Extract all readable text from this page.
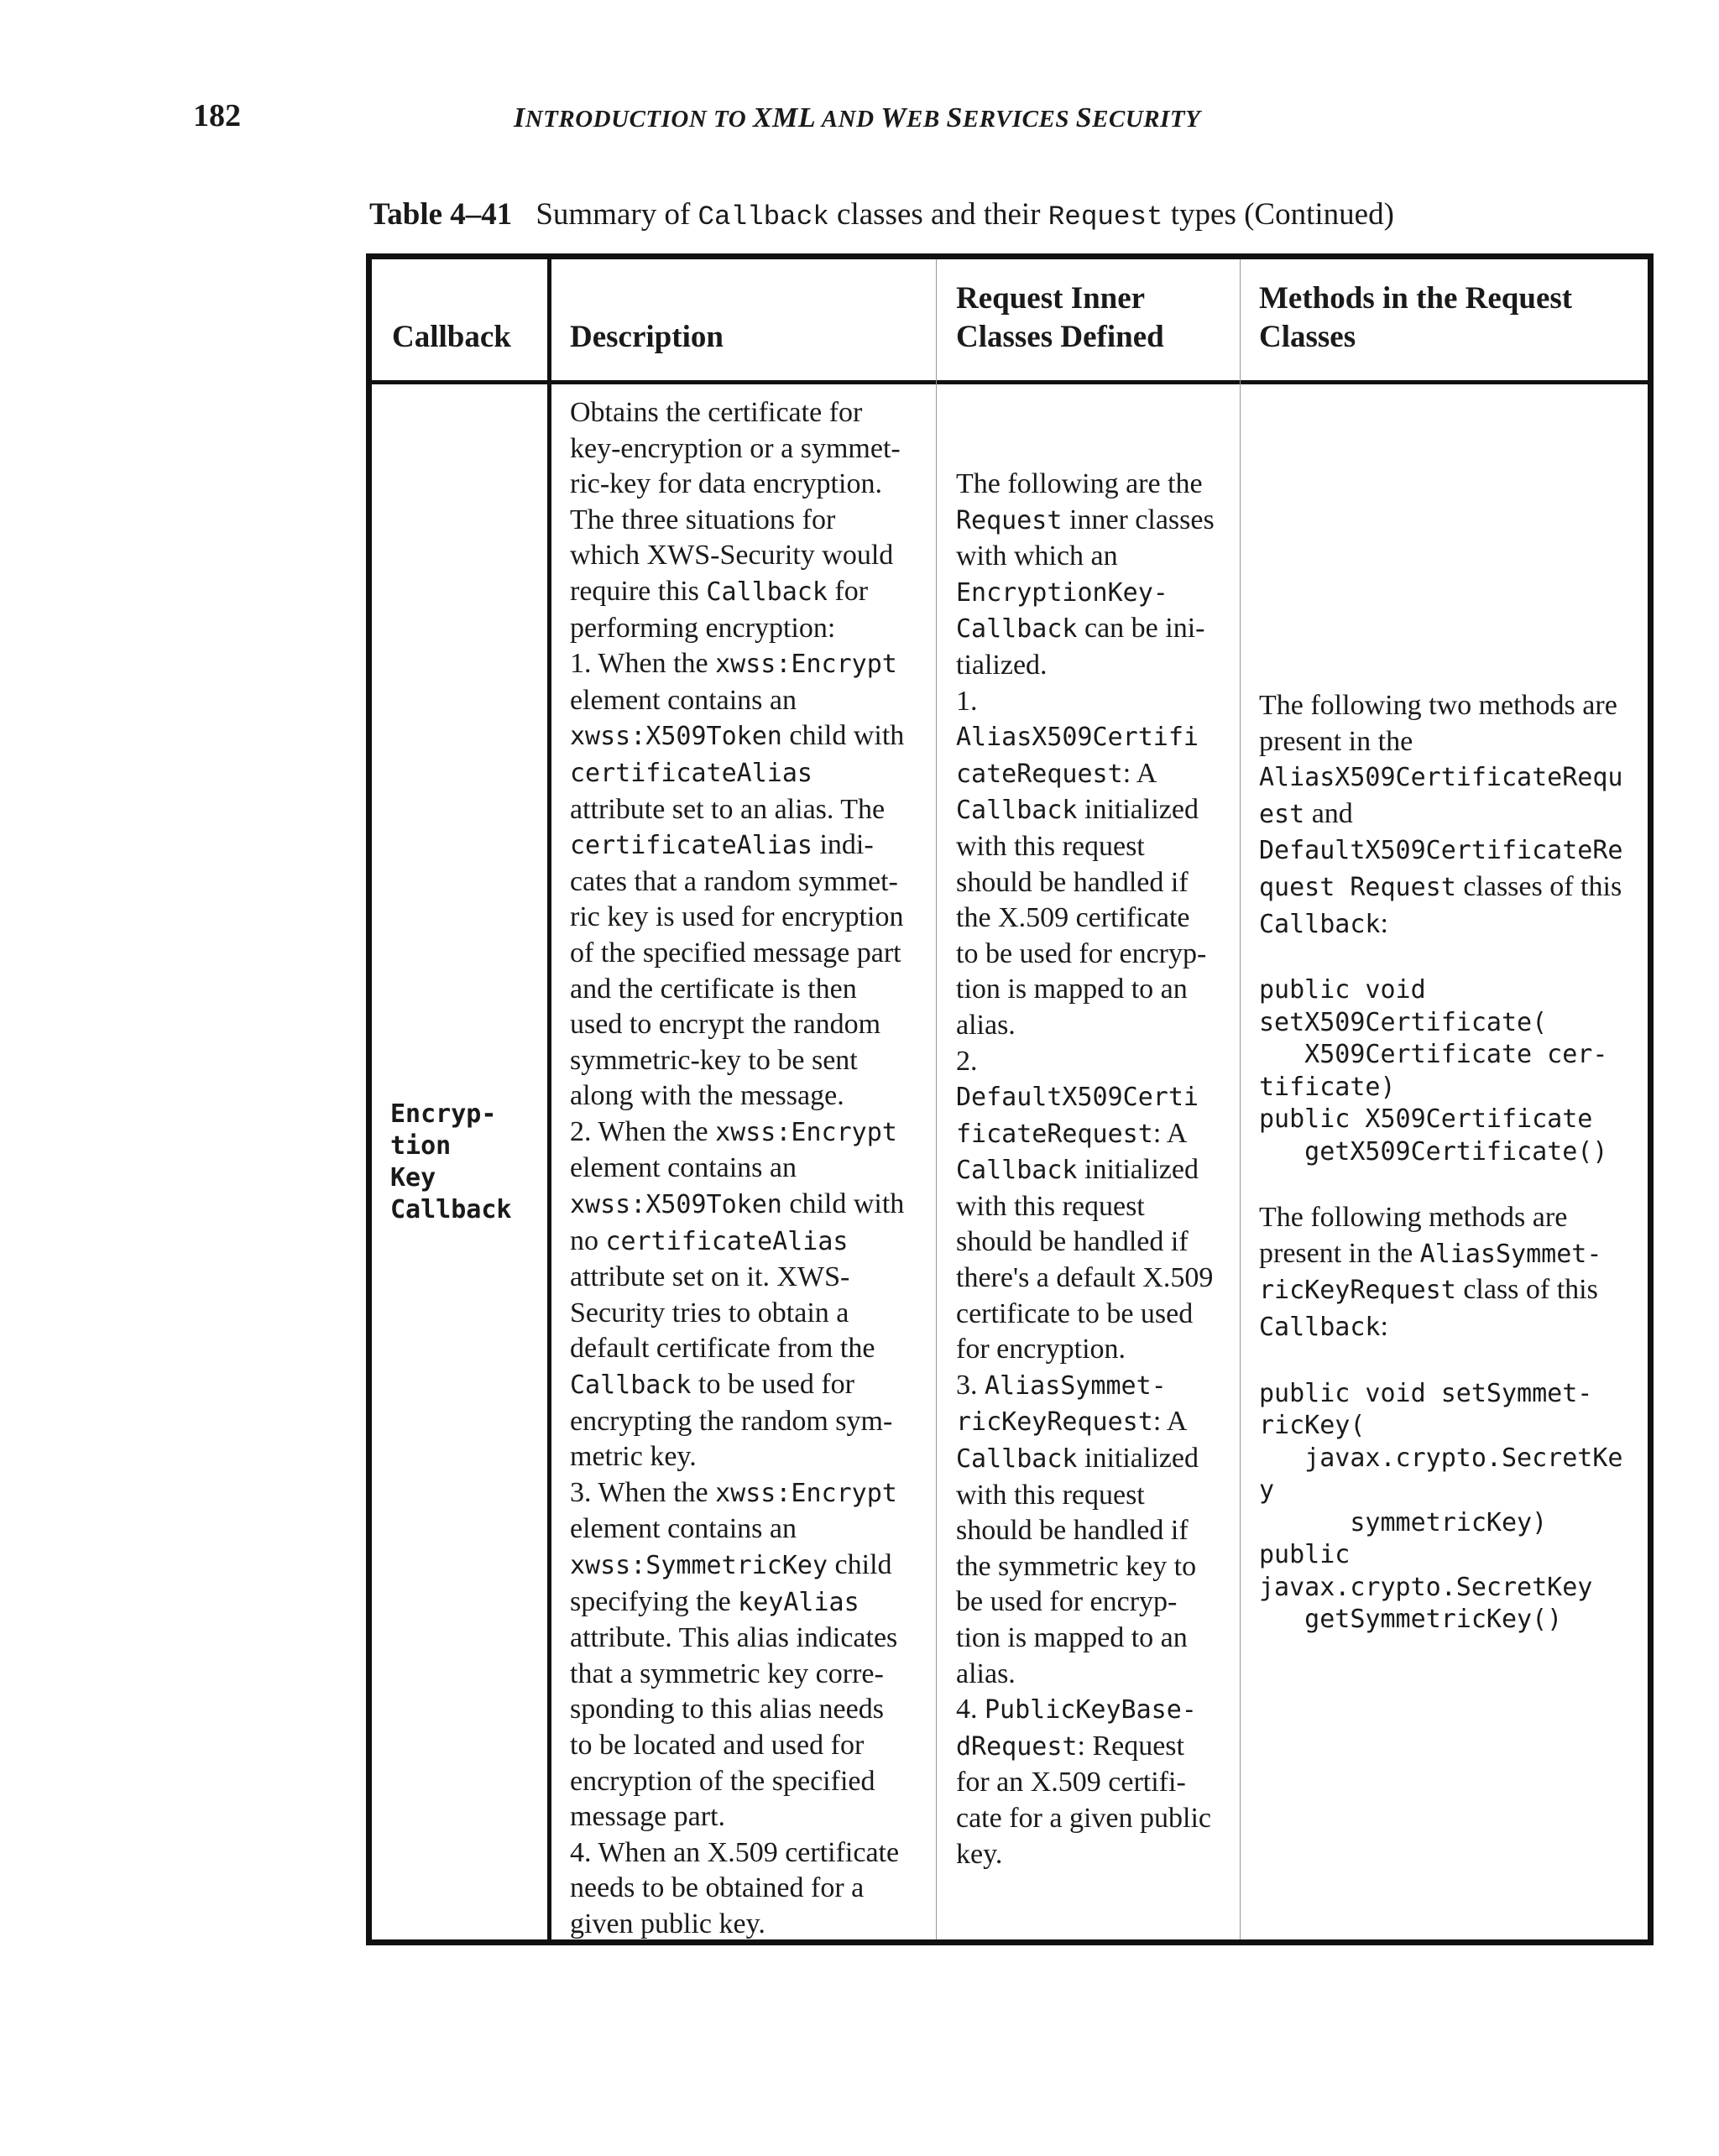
182	INTRODUCTION TO XML AND WEB SERVICES SECURITY
Table 4–41 Summary of Callback classes and their Request types (Continued)
Callback Description
Request Inner
Classes Defined
Methods in the Request
Classes
Encryp-
tion
Key
Callback
Obtains the certificate for
key-encryption or a symmet-
ric-key for data encryption.
The three situations for
which XWS-Security would
require this Callback for
performing encryption:
1. When the xwss:Encrypt
element contains an
xwss:X509Token child with
certificateAlias
attribute set to an alias. The
certificateAlias indi-
cates that a random symmet-
ric key is used for encryption
of the specified message part
and the certificate is then
used to encrypt the random
symmetric-key to be sent
along with the message.
2. When the xwss:Encrypt
element contains an
xwss:X509Token child with
no certificateAlias
attribute set on it. XWS-
Security tries to obtain a
default certificate from the
Callback to be used for
encrypting the random sym-
metric key.
3. When the xwss:Encrypt
element contains an
xwss:SymmetricKey child
specifying the keyAlias
attribute. This alias indicates
that a symmetric key corre-
sponding to this alias needs
to be located and used for
encryption of the specified
message part.
4. When an X.509 certificate
needs to be obtained for a
given public key.
The following are the
Request inner classes
with which an
EncryptionKey-
Callback can be ini-
tialized.
1.
AliasX509Certifi
cateRequest: A
Callback initialized
with this request
should be handled if
the X.509 certificate
to be used for encryp-
tion is mapped to an
alias.
2.
DefaultX509Certi
ficateRequest: A
Callback initialized
with this request
should be handled if
there's a default X.509
certificate to be used
for encryption.
3. AliasSymmet-
ricKeyRequest: A
Callback initialized
with this request
should be handled if
the symmetric key to
be used for encryp-
tion is mapped to an
alias.
4. PublicKeyBase-
dRequest: Request
for an X.509 certifi-
cate for a given public
key.
The following two methods are
present in the
AliasX509CertificateRequ
est and
DefaultX509CertificateRe
quest Request classes of this
Callback:
public void
setX509Certificate(
X509Certificate cer-
tificate)
public X509Certificate
getX509Certificate()
The following methods are
present in the AliasSymmet-
ricKeyRequest class of this
Callback:
public void setSymmet-
ricKey(
javax.crypto.SecretKe
y
symmetricKey)
public
javax.crypto.SecretKey
getSymmetricKey()
